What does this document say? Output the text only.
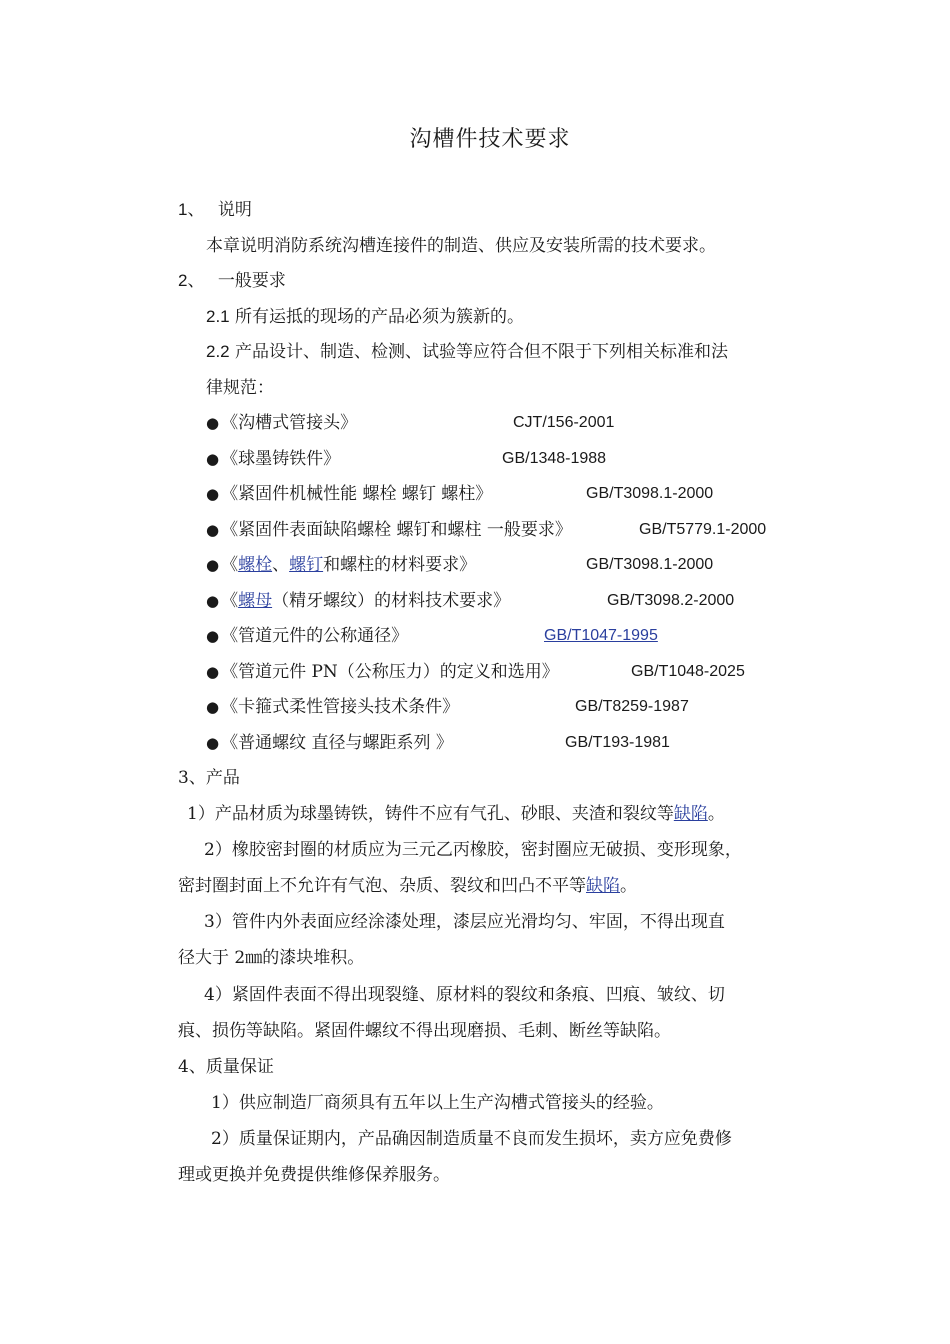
沟槽件技术要求
1、 说明
本章说明消防系统沟槽连接件的制造、供应及安装所需的技术要求。
2、 一般要求
2.1 所有运抵的现场的产品必须为簇新的。
2.2 产品设计、制造、检测、试验等应符合但不限于下列相关标准和法
律规范：
● 《沟槽式管接头》	CJT/156-2001
● 《球墨铸铁件》	GB/1348-1988
● 《紧固件机械性能 螺栓 螺钉 螺柱》	GB/T3098.1-2000
● 《紧固件表面缺陷螺栓 螺钉和螺柱 一般要求》	GB/T5779.1-2000
● 《螺栓、螺钉和螺柱的材料要求》	GB/T3098.1-2000
● 《螺母（精牙螺纹）的材料技术要求》	GB/T3098.2-2000
● 《管道元件的公称通径》	GB/T1047-1995
● 《管道元件 PN（公称压力）的定义和选用》	GB/T1048-2025
● 《卡箍式柔性管接头技术条件》	GB/T8259-1987
● 《普通螺纹 直径与螺距系列 》	GB/T193-1981
3、产品
1）产品材质为球墨铸铁，铸件不应有气孔、砂眼、夹渣和裂纹等缺陷。
2）橡胶密封圈的材质应为三元乙丙橡胶，密封圈应无破损、变形现象，
密封圈封面上不允许有气泡、杂质、裂纹和凹凸不平等缺陷。
3）管件内外表面应经涂漆处理，漆层应光滑均匀、牢固，不得出现直
径大于 2㎜的漆块堆积。
4）紧固件表面不得出现裂缝、原材料的裂纹和条痕、凹痕、皱纹、切
痕、损伤等缺陷。紧固件螺纹不得出现磨损、毛刺、断丝等缺陷。
4、质量保证
1）供应制造厂商须具有五年以上生产沟槽式管接头的经验。
2）质量保证期内，产品确因制造质量不良而发生损坏，卖方应免费修
理或更换并免费提供维修保养服务。
